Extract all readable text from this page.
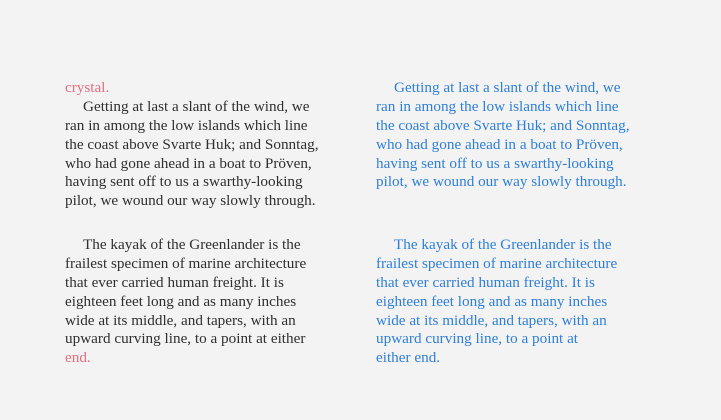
crystal.
Getting at last a slant of the wind, we
ran in among the low islands which line
the coast above Svarte Huk; and Sonntag,
who had gone ahead in a boat to Pröven,
having sent off to us a swarthy-looking
pilot, we wound our way slowly through.
The kayak of the Greenlander is the
frailest specimen of marine architecture
that ever carried human freight. It is
eighteen feet long and as many inches
wide at its middle, and tapers, with an
upward curving line, to a point at either
end.
Getting at last a slant of the wind, we
ran in among the low islands which line
the coast above Svarte Huk; and Sonntag,
who had gone ahead in a boat to Pröven,
having sent off to us a swarthy-looking
pilot, we wound our way slowly through.
The kayak of the Greenlander is the
frailest specimen of marine architecture
that ever carried human freight. It is
eighteen feet long and as many inches
wide at its middle, and tapers, with an
upward curving line, to a point at
either end.
